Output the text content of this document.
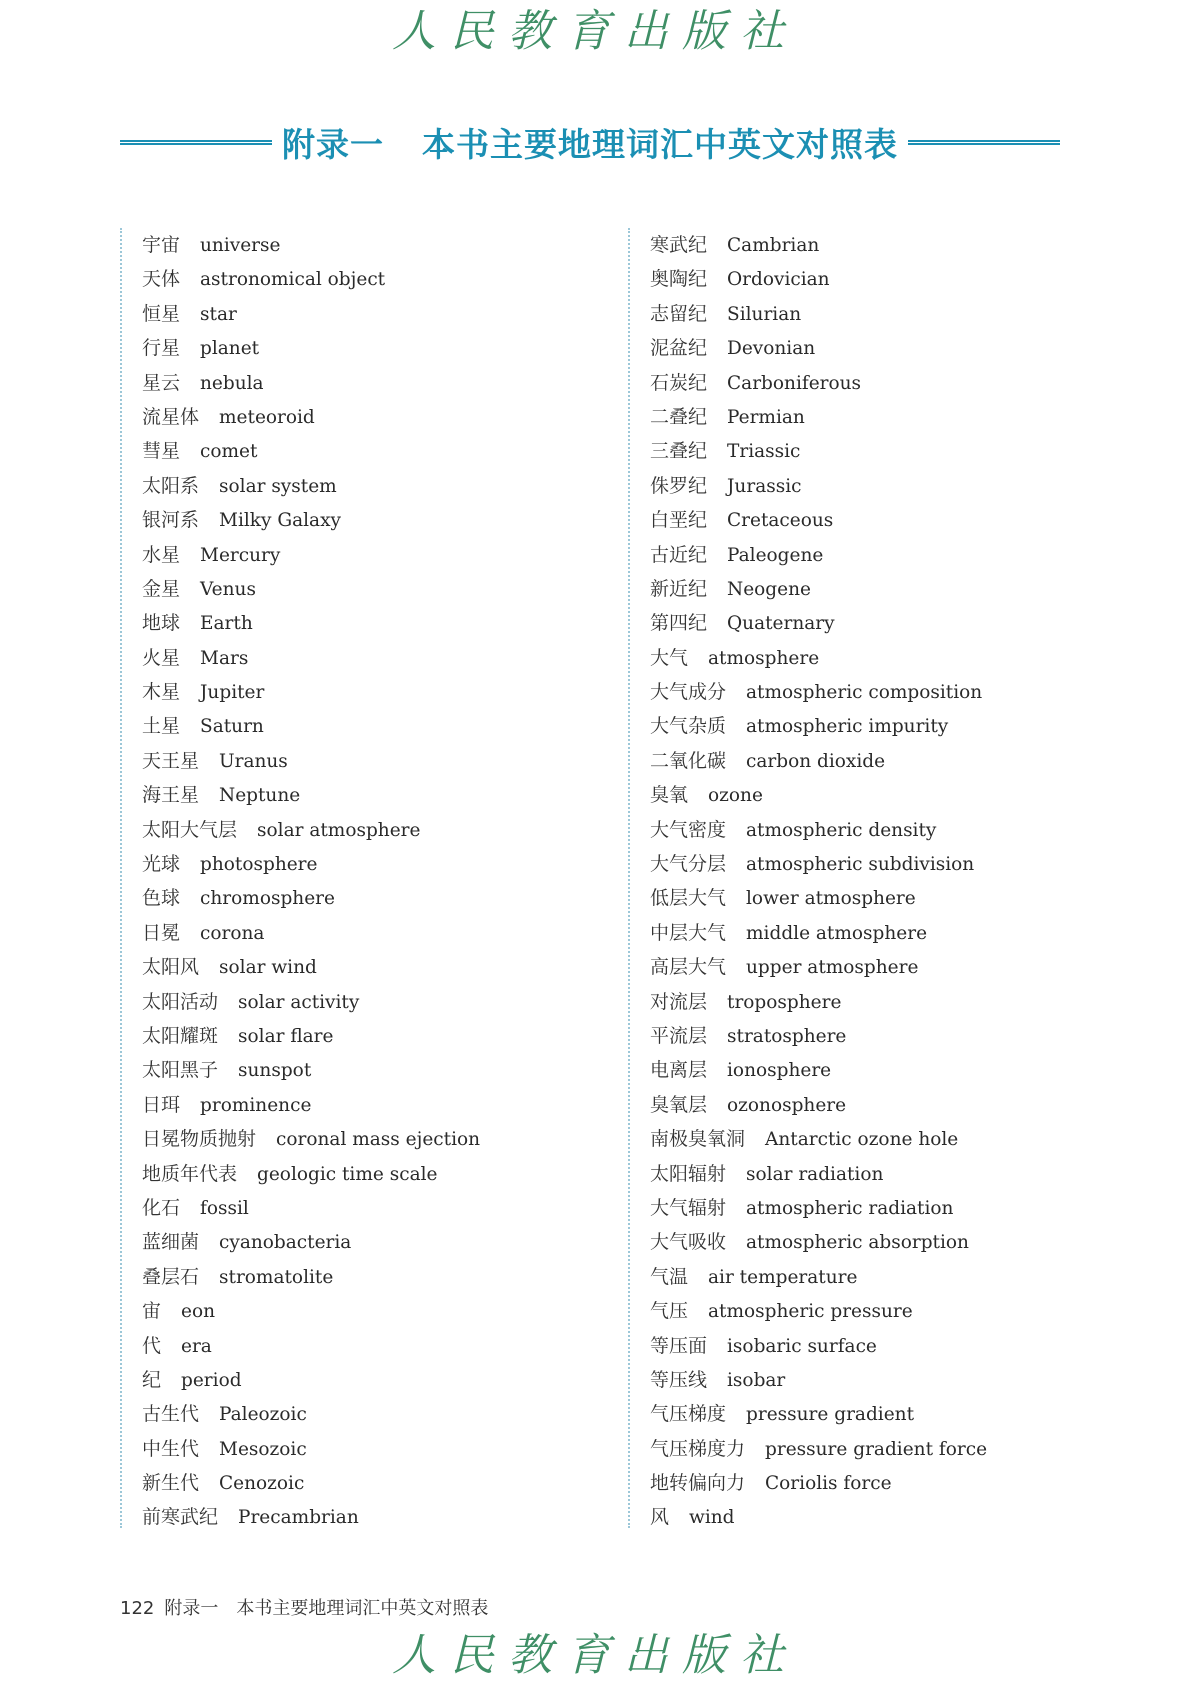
人民教育出版社
附录一 本书主要地理词汇中英文对照表
宇宙 universe
天体 astronomical object
恒星 star
行星 planet
星云 nebula
流星体 meteoroid
彗星 comet
太阳系 solar system
银河系 Milky Galaxy
水星 Mercury
金星 Venus
地球 Earth
火星 Mars
木星 Jupiter
土星 Saturn
天王星 Uranus
海王星 Neptune
太阳大气层 solar atmosphere
光球 photosphere
色球 chromosphere
日冕 corona
太阳风 solar wind
太阳活动 solar activity
太阳耀斑 solar flare
太阳黑子 sunspot
日珥 prominence
日冕物质抛射 coronal mass ejection
地质年代表 geologic time scale
化石 fossil
蓝细菌 cyanobacteria
叠层石 stromatolite
宙 eon
代 era
纪 period
古生代 Paleozoic
中生代 Mesozoic
新生代 Cenozoic
前寒武纪 Precambrian
寒武纪 Cambrian
奥陶纪 Ordovician
志留纪 Silurian
泥盆纪 Devonian
石炭纪 Carboniferous
二叠纪 Permian
三叠纪 Triassic
侏罗纪 Jurassic
白垩纪 Cretaceous
古近纪 Paleogene
新近纪 Neogene
第四纪 Quaternary
大气 atmosphere
大气成分 atmospheric composition
大气杂质 atmospheric impurity
二氧化碳 carbon dioxide
臭氧 ozone
大气密度 atmospheric density
大气分层 atmospheric subdivision
低层大气 lower atmosphere
中层大气 middle atmosphere
高层大气 upper atmosphere
对流层 troposphere
平流层 stratosphere
电离层 ionosphere
臭氧层 ozonosphere
南极臭氧洞 Antarctic ozone hole
太阳辐射 solar radiation
大气辐射 atmospheric radiation
大气吸收 atmospheric absorption
气温 air temperature
气压 atmospheric pressure
等压面 isobaric surface
等压线 isobar
气压梯度 pressure gradient
气压梯度力 pressure gradient force
地转偏向力 Coriolis force
风 wind
122 附录一　本书主要地理词汇中英文对照表
人民教育出版社
